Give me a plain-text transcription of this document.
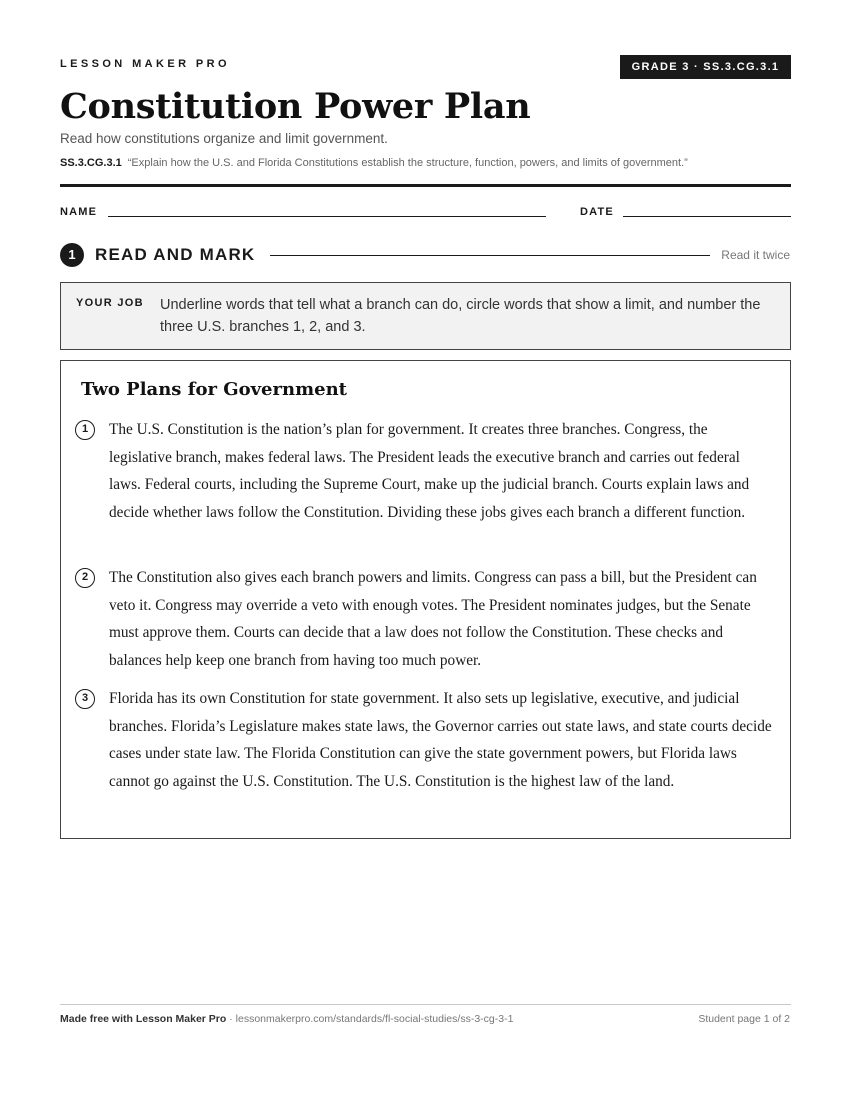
LESSON MAKER PRO	GRADE 3 · SS.3.CG.3.1
Constitution Power Plan
Read how constitutions organize and limit government.
SS.3.CG.3.1 “Explain how the U.S. and Florida Constitutions establish the structure, function, powers, and limits of government.”
NAME	DATE
1	READ AND MARK	Read it twice
YOUR JOB Underline words that tell what a branch can do, circle words that show a limit, and number the three U.S. branches 1, 2, and 3.
Two Plans for Government
1	The U.S. Constitution is the nation’s plan for government. It creates three branches. Congress, the legislative branch, makes federal laws. The President leads the executive branch and carries out federal laws. Federal courts, including the Supreme Court, make up the judicial branch. Courts explain laws and decide whether laws follow the Constitution. Dividing these jobs gives each branch a different function.
2	The Constitution also gives each branch powers and limits. Congress can pass a bill, but the President can veto it. Congress may override a veto with enough votes. The President nominates judges, but the Senate must approve them. Courts can decide that a law does not follow the Constitution. These checks and balances help keep one branch from having too much power.
3	Florida has its own Constitution for state government. It also sets up legislative, executive, and judicial branches. Florida’s Legislature makes state laws, the Governor carries out state laws, and state courts decide cases under state law. The Florida Constitution can give the state government powers, but Florida laws cannot go against the U.S. Constitution. The U.S. Constitution is the highest law of the land.
Made free with Lesson Maker Pro · lessonmakerpro.com/standards/fl-social-studies/ss-3-cg-3-1	Student page 1 of 2
